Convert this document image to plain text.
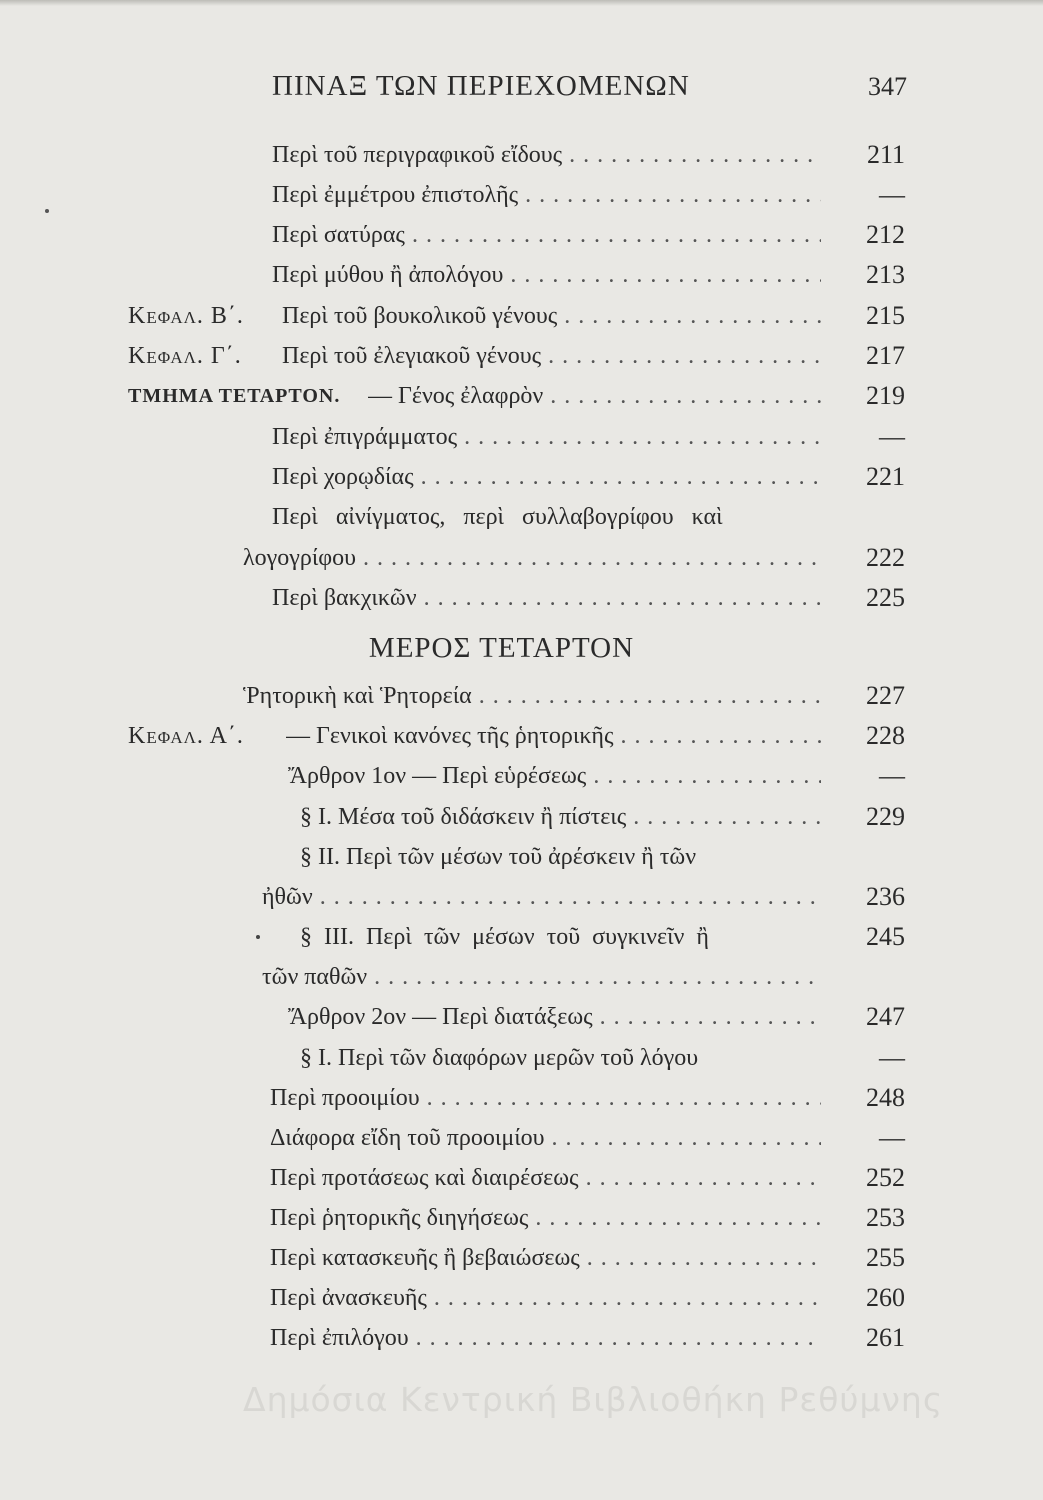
ΠΙΝΑΞ ΤΩΝ ΠΕΡΙΕΧΟΜΕΝΩΝ	347
Περὶ τοῦ περιγραφικοῦ εἴδους . . .	211
Περὶ ἐμμέτρου ἐπιστολῆς . . .	—
Περὶ σατύρας . . .	212
Περὶ μύθου ἢ ἀπολόγου . . .	213
Κεφαλ. Β΄. Περὶ τοῦ βουκολικοῦ γένους . . .	215
Κεφαλ. Γ΄. Περὶ τοῦ ἐλεγιακοῦ γένους . . .	217
ΤΜΗΜΑ ΤΕΤΑΡΤΟΝ. — Γένος ἐλαφρὸν . . .	219
Περὶ ἐπιγράμματος . . .	—
Περὶ χορῳδίας . . .	221
Περὶ αἰνίγματος, περὶ συλλαβογρίφου καὶ
λογογρίφου . . .	222
Περὶ βακχικῶν . . .	225
ΜΕΡΟΣ ΤΕΤΑΡΤΟΝ
Ῥητορικὴ καὶ Ῥητορεία . . .	227
Κεφαλ. Α΄. — Γενικοὶ κανόνες τῆς ῥητορικῆς . . .	228
Ἄρθρον 1ον — Περὶ εὑρέσεως . . .	—
§ I. Μέσα τοῦ διδάσκειν ἢ πίστεις . . .	229
§ II. Περὶ τῶν μέσων τοῦ ἀρέσκειν ἢ τῶν
ἠθῶν . . .	236
§ III. Περὶ τῶν μέσων τοῦ συγκινεῖν ἢ	245
τῶν παθῶν . . .
Ἄρθρον 2ον — Περὶ διατάξεως . . .	247
§ I. Περὶ τῶν διαφόρων μερῶν τοῦ λόγου	—
Περὶ προοιμίου . . .	248
Διάφορα εἴδη τοῦ προοιμίου . . .	—
Περὶ προτάσεως καὶ διαιρέσεως . . .	252
Περὶ ῥητορικῆς διηγήσεως . . .	253
Περὶ κατασκευῆς ἢ βεβαιώσεως . . .	255
Περὶ ἀνασκευῆς . . .	260
Περὶ ἐπιλόγου . . .	261
Δημόσια Κεντρική Βιβλιοθήκη Ρεθύμνης
